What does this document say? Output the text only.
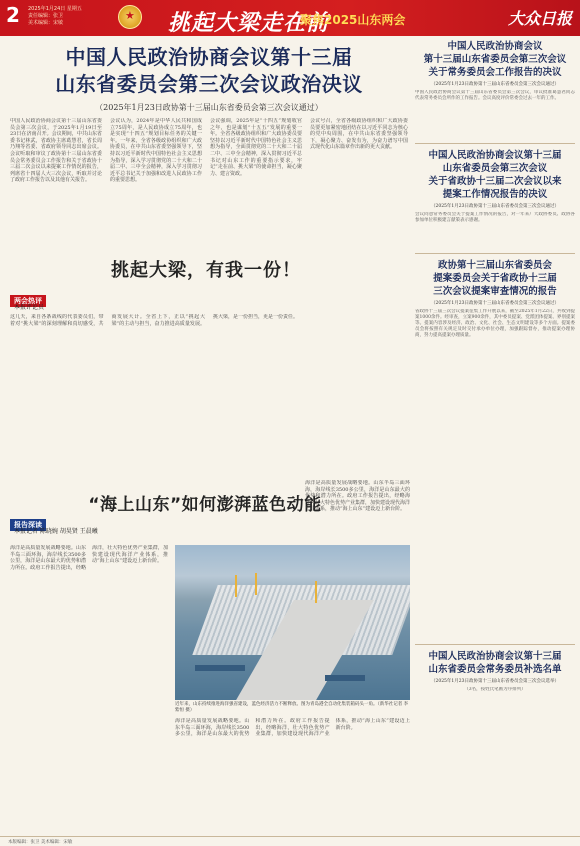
2 2025年1月24日 星期五
责任编辑：张卫
美术编辑：宋敏
★	挑起大梁走在前
聚焦2025山东两会	大众日报
中国人民政治协商会议第十三届
山东省委员会第三次会议政治决议
（2025年1月23日政协第十三届山东省委员会第三次会议通过）
中国人民政治协商会议第十三届山东省委员会第三次会议，于2025年1月19日至23日在济南召开。会议期间，中共山东省委书记林武，省政协主席葛慧君，省长周乃翔等省委、省政府领导同志出席会议。会议听取和审议了政协第十三届山东省委员会常务委员会工作报告和关于省政协十三届二次会议以来提案工作情况的报告，列席省十四届人大三次会议，听取并讨论了政府工作报告以及其他有关报告。
会议认为，2024年是中华人民共和国成立75周年，是人民政协成立75周年，也是实现“十四五”规划目标任务的关键一年。一年来，全省各级政协组织和广大政协委员，在中共山东省委坚强领导下，坚持以习近平新时代中国特色社会主义思想为指导，深入学习贯彻党的二十大和二十届二中、三中全会精神，深入学习贯彻习近平总书记关于加强和改进人民政协工作的重要思想。
会议强调，2025年是“十四五”规划收官之年，也是谋划“十五五”发展的重要一年。全省各级政协组织和广大政协委员要坚持以习近平新时代中国特色社会主义思想为指导，全面贯彻党的二十大和二十届二中、三中全会精神，深入贯彻习近平总书记对山东工作的重要指示要求，牢记“走在前、挑大梁”的使命担当，凝心聚力、建言资政。
会议号召，全省各级政协组织和广大政协委员要更加紧密地团结在以习近平同志为核心的党中央周围，在中共山东省委坚强领导下，凝心聚力、奋发有为，为奋力谱写中国式现代化山东篇章作出新的更大贡献。
中国人民政治协商会议
第十三届山东省委员会第三次会议
关于常务委员会工作报告的决议
（2025年1月23日政协第十三届山东省委员会第三次会议通过）
中国人民政治协商会议第十三届山东省委员会第三次会议，审议批准葛慧君同志代表常务委员会所作的工作报告。会议高度评价常委会过去一年的工作。
中国人民政治协商会议第十三届
山东省委员会第三次会议
关于省政协十三届二次会议以来
提案工作情况报告的决议
（2025年1月23日政协第十三届山东省委员会第三次会议通过）
会议同意常务委员会关于提案工作情况的报告，对一年来广大政协委员、政协各参加单位积极建言献策表示感谢。
政协第十三届山东省委员会
提案委员会关于省政协十三届
三次会议提案审查情况的报告
（2025年1月23日政协第十三届山东省委员会第三次会议通过）
省政协十三届三次会议提案征集工作开展以来，截至2025年1月22日，共收到提案1000余件。经审查，立案900余件，其中委员提案、党派团体提案、界别提案等。提案内容涉及经济、政治、文化、社会、生态文明建设等多个方面。提案委员会将按照有关规定及时交付承办单位办理，加强跟踪督办，推动提案办理协商，努力提高提案办理质量。
中国人民政治协商会议第十三届
山东省委员会常务委员补选名单
（2025年1月23日政协第十三届山东省委员会第三次会议选举）
（3名，按姓氏笔画为序排列）
挑起大梁，有我一份！
两会热评
本报评论员
这几天，来自各条战线的代表委员们，带着对“挑大梁”的深刻理解和真切感受，共商发展大计。全省上下，正以“挑起大梁”的主动与担当，奋力推进高质量发展。挑大梁，是一份担当，更是一份责任。
“海上山东”如何澎湃蓝色动能
报告深读
本报记者 陈晓婉 胡昊贤 王晨曦
海洋是高质量发展战略要地。山东半岛三面环海，海岸线长3500多公里，海洋是山东最大的优势和潜力所在。政府工作报告提出，经略海洋，壮大特色优势产业集群，加快建设现代海洋产业体系，推动“海上山东”建设迈上新台阶。
近年来，山东持续推进海洋强省建设，蓝色经济活力不断释放。图为青岛港全自动化集装箱码头一角。（新华社记者 李紫恒 摄）
海洋是高质量发展战略要地。山东半岛三面环海，海岸线长3500多公里，海洋是山东最大的优势和潜力所在。政府工作报告提出，经略海洋，壮大特色优势产业集群，加快建设现代海洋产业体系，推动“海上山东”建设迈上新台阶。
海洋是高质量发展战略要地。山东半岛三面环海，海岸线长3500多公里，海洋是山东最大的优势和潜力所在。政府工作报告提出，经略海洋，壮大特色优势产业集群，加快建设现代海洋产业体系，推动“海上山东”建设迈上新台阶。
本版编辑：张卫 美术编辑：宋敏
